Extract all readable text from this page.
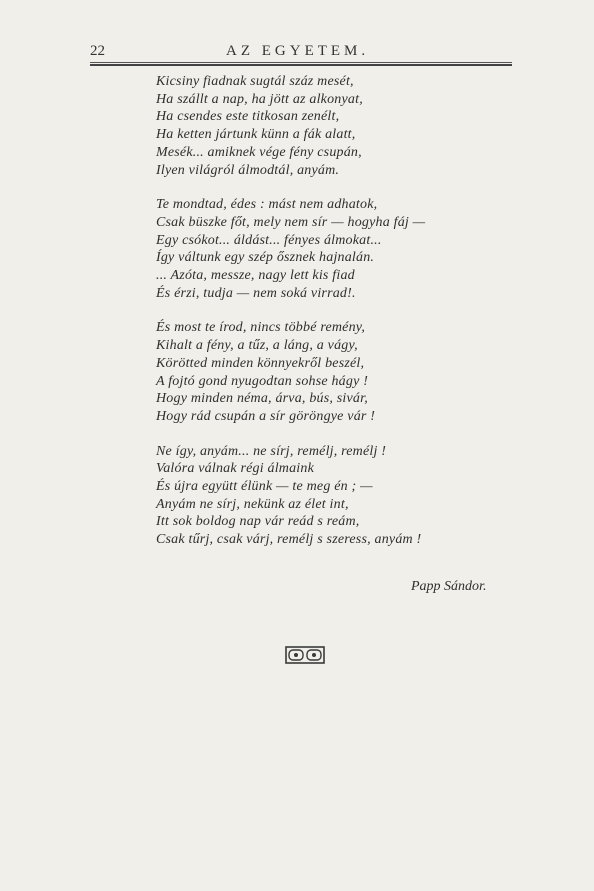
22	AZ EGYETEM.

Kicsiny fiadnak sugtál száz mesét,
Ha szállt a nap, ha jött az alkonyat,
Ha csendes este titkosan zenélt,
Ha ketten jártunk künn a fák alatt,
Mesék... amiknek vége fény csupán,
Ilyen világról álmodtál, anyám.

Te mondtad, édes : mást nem adhatok,
Csak büszke főt, mely nem sír — hogyha fáj —
Egy csókot... áldást... fényes álmokat...
Így váltunk egy szép ősznek hajnalán.
... Azóta, messze, nagy lett kis fiad
És érzi, tudja — nem soká virrad!.

És most te írod, nincs többé remény,
Kihalt a fény, a tűz, a láng, a vágy,
Körötted minden könnyekről beszél,
A fojtó gond nyugodtan sohse hágy !
Hogy minden néma, árva, bús, sivár,
Hogy rád csupán a sír göröngye vár !

Ne így, anyám... ne sírj, remélj, remélj !
Valóra válnak régi álmaink
És újra együtt élünk — te meg én ; —
Anyám ne sírj, nekünk az élet int,
Itt sok boldog nap vár reád s reám,
Csak tűrj, csak várj, remélj s szeress, anyám !

Papp Sándor.
